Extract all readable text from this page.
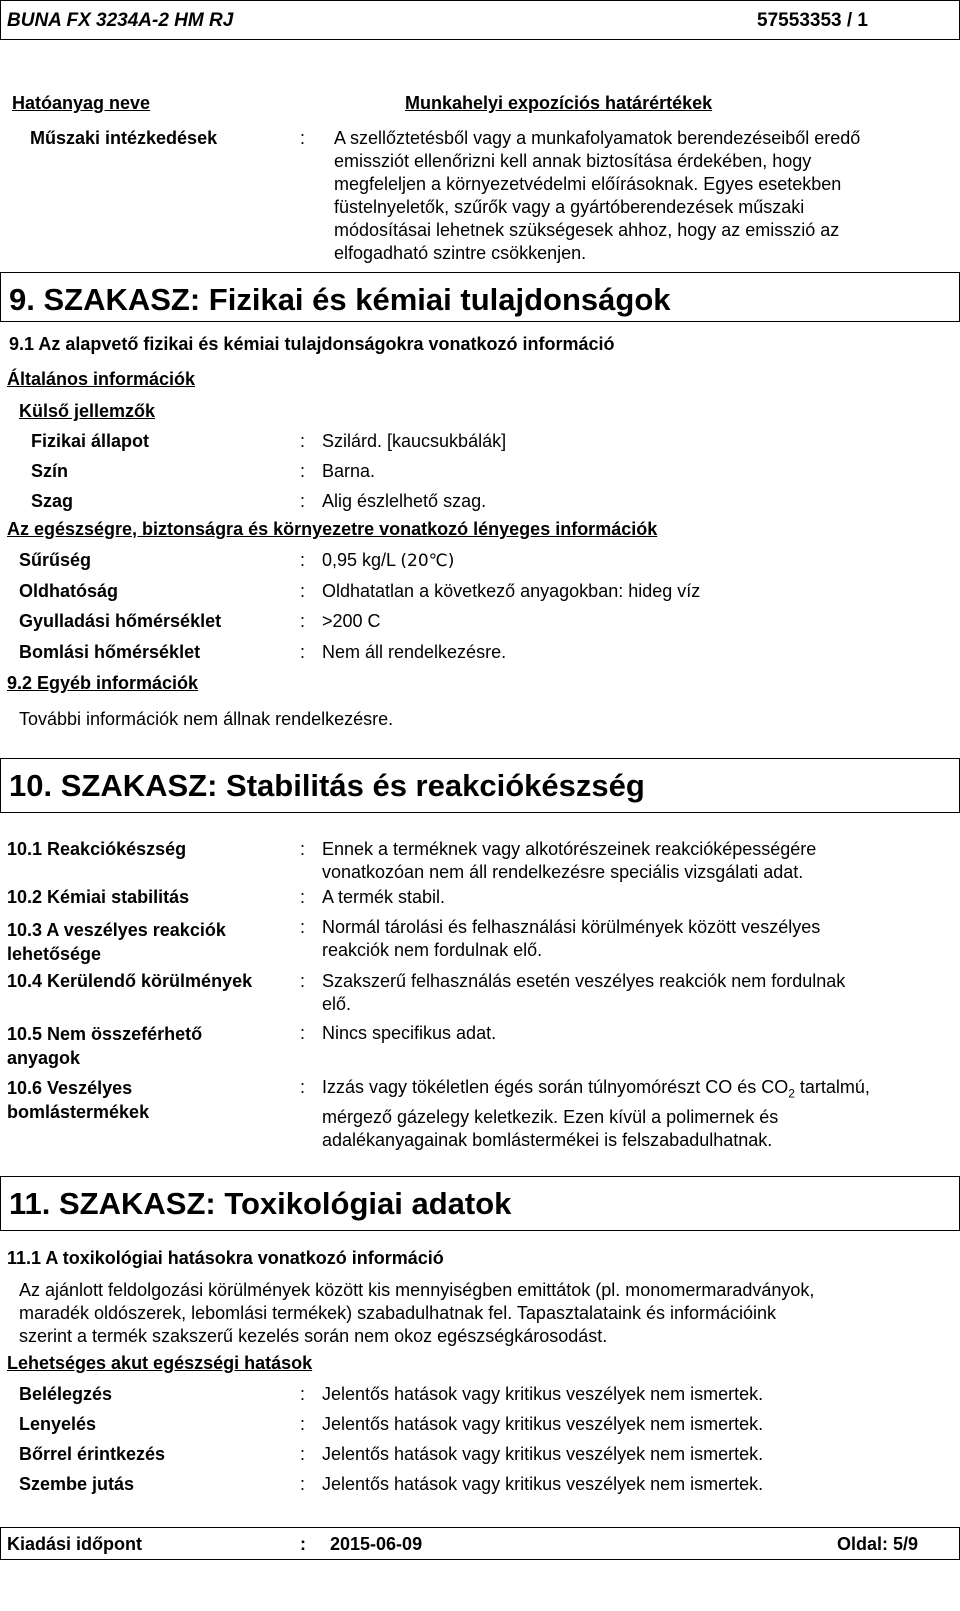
BUNA FX 3234A-2 HM RJ	57553353 / 1
Hatóanyag neve	Munkahelyi expozíciós határértékek
Műszaki intézkedések	: A szellőztetésből vagy a munkafolyamatok berendezéseiből eredő
emissziót ellenőrizni kell annak biztosítása érdekében, hogy
megfeleljen a környezetvédelmi előírásoknak. Egyes esetekben
füstelnyeletők, szűrők vagy a gyártóberendezések műszaki
módosításai lehetnek szükségesek ahhoz, hogy az emisszió az
elfogadható szintre csökkenjen.
9. SZAKASZ: Fizikai és kémiai tulajdonságok
9.1 Az alapvető fizikai és kémiai tulajdonságokra vonatkozó információ
Általános információk
Külső jellemzők
Fizikai állapot	: Szilárd. [kaucsukbálák]
Szín	: Barna.
Szag	: Alig észlelhető szag.
Az egészségre, biztonságra és környezetre vonatkozó lényeges információk
Sűrűség	: 0,95 kg/L (20℃)
Oldhatóság	: Oldhatatlan a következő anyagokban: hideg víz
Gyulladási hőmérséklet	: >200 C
Bomlási hőmérséklet	: Nem áll rendelkezésre.
9.2 Egyéb információk
További információk nem állnak rendelkezésre.
10. SZAKASZ: Stabilitás és reakciókészség
10.1 Reakciókészség	: Ennek a terméknek vagy alkotórészeinek reakcióképességére
vonatkozóan nem áll rendelkezésre speciális vizsgálati adat.
10.2 Kémiai stabilitás	: A termék stabil.
10.3 A veszélyes reakciók
lehetősége
: Normál tárolási és felhasználási körülmények között veszélyes
reakciók nem fordulnak elő.
10.4 Kerülendő körülmények	: Szakszerű felhasználás esetén veszélyes reakciók nem fordulnak
elő.
10.5 Nem összeférhető
anyagok
: Nincs specifikus adat.
10.6 Veszélyes
bomlástermékek
: Izzás vagy tökéletlen égés során túlnyomórészt CO és $CO_2$ tartalmú,
mérgező gázelegy keletkezik. Ezen kívül a polimernek és
adalékanyagainak bomlástermékei is felszabadulhatnak.
11. SZAKASZ: Toxikológiai adatok
11.1 A toxikológiai hatásokra vonatkozó információ
Az ajánlott feldolgozási körülmények között kis mennyiségben emittátok (pl. monomermaradványok,
maradék oldószerek, lebomlási termékek) szabadulhatnak fel. Tapasztalataink és információink
szerint a termék szakszerű kezelés során nem okoz egészségkárosodást.
Lehetséges akut egészségi hatások
Belélegzés	: Jelentős hatások vagy kritikus veszélyek nem ismertek.
Lenyelés	: Jelentős hatások vagy kritikus veszélyek nem ismertek.
Bőrrel érintkezés	: Jelentős hatások vagy kritikus veszélyek nem ismertek.
Szembe jutás	: Jelentős hatások vagy kritikus veszélyek nem ismertek.
Kiadási időpont	: 2015-06-09	Oldal: 5/9
